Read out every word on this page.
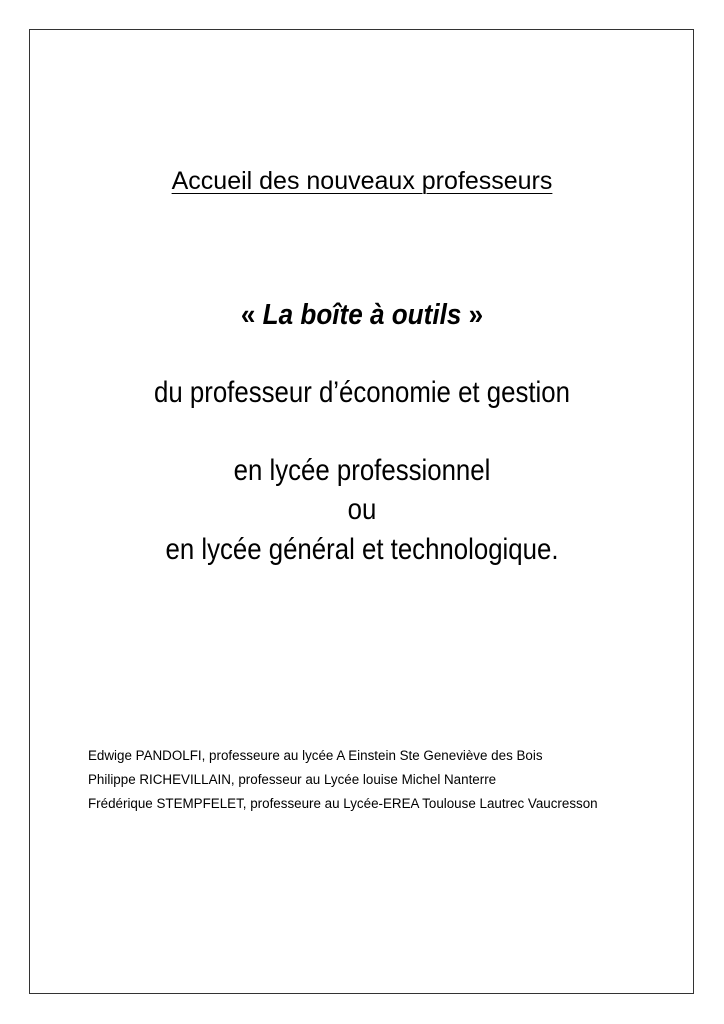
Accueil des nouveaux professeurs
« La boîte à outils »
du professeur d’économie et gestion
en lycée professionnel
ou
en lycée général et technologique.
Edwige PANDOLFI, professeure au lycée A Einstein Ste Geneviève des Bois
Philippe RICHEVILLAIN, professeur au Lycée louise Michel Nanterre
Frédérique STEMPFELET, professeure au Lycée-EREA Toulouse Lautrec Vaucresson
